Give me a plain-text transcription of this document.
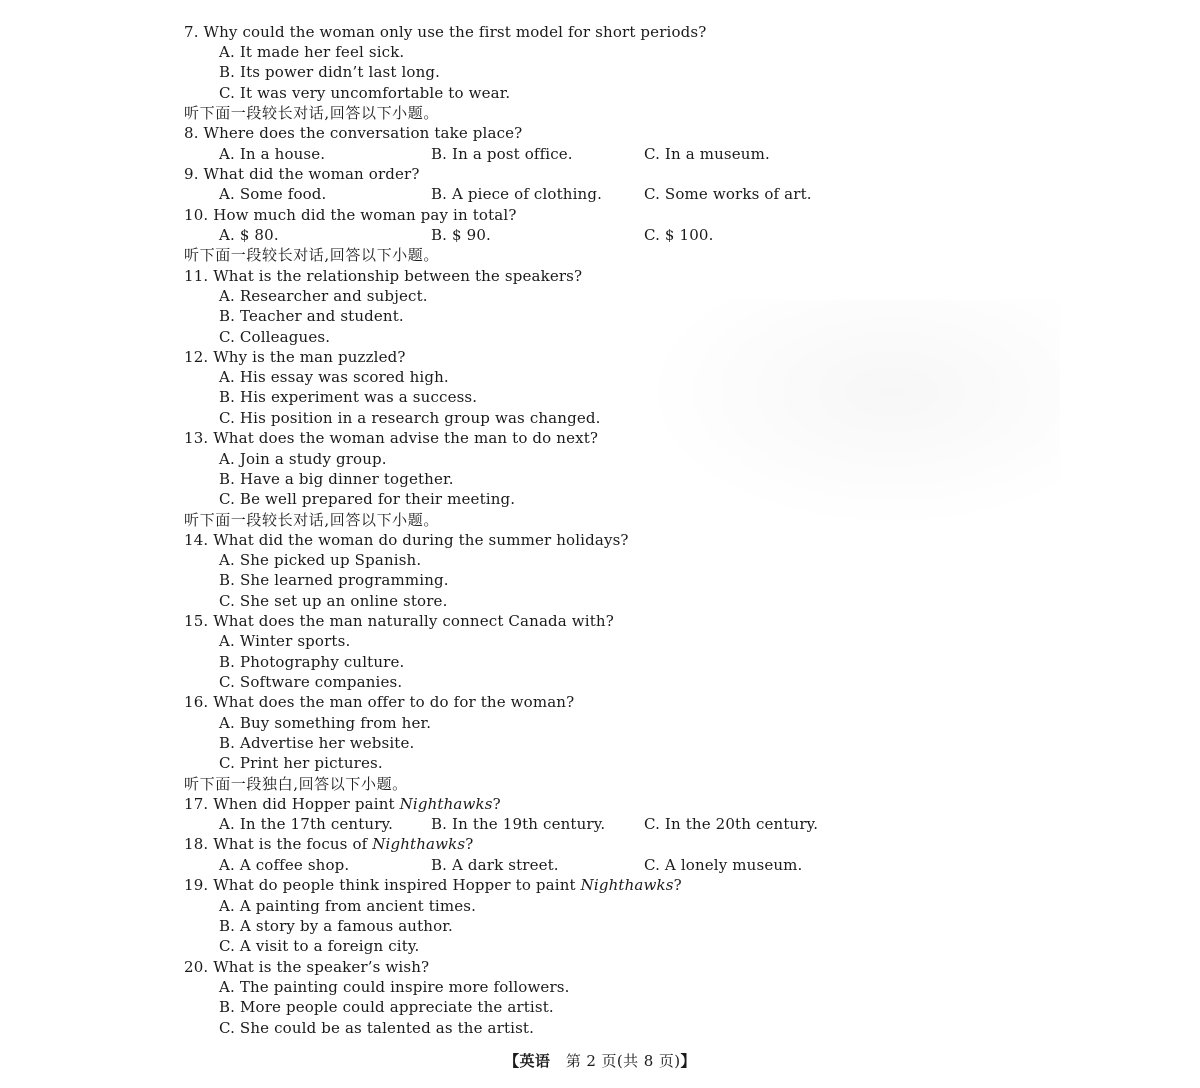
7. Why could the woman only use the first model for short periods?
A. It made her feel sick.
B. Its power didn’t last long.
C. It was very uncomfortable to wear.
听下面一段较长对话,回答以下小题。
8. Where does the conversation take place?
A. In a house.	B. In a post office.	C. In a museum.
9. What did the woman order?
A. Some food.	B. A piece of clothing.	C. Some works of art.
10. How much did the woman pay in total?
A. $ 80.	B. $ 90.	C. $ 100.
听下面一段较长对话,回答以下小题。
11. What is the relationship between the speakers?
A. Researcher and subject.
B. Teacher and student.
C. Colleagues.
12. Why is the man puzzled?
A. His essay was scored high.
B. His experiment was a success.
C. His position in a research group was changed.
13. What does the woman advise the man to do next?
A. Join a study group.
B. Have a big dinner together.
C. Be well prepared for their meeting.
听下面一段较长对话,回答以下小题。
14. What did the woman do during the summer holidays?
A. She picked up Spanish.
B. She learned programming.
C. She set up an online store.
15. What does the man naturally connect Canada with?
A. Winter sports.
B. Photography culture.
C. Software companies.
16. What does the man offer to do for the woman?
A. Buy something from her.
B. Advertise her website.
C. Print her pictures.
听下面一段独白,回答以下小题。
17. When did Hopper paint Nighthawks?
A. In the 17th century.	B. In the 19th century.	C. In the 20th century.
18. What is the focus of Nighthawks?
A. A coffee shop.	B. A dark street.	C. A lonely museum.
19. What do people think inspired Hopper to paint Nighthawks?
A. A painting from ancient times.
B. A story by a famous author.
C. A visit to a foreign city.
20. What is the speaker’s wish?
A. The painting could inspire more followers.
B. More people could appreciate the artist.
C. She could be as talented as the artist.
【英语 第 2 页(共 8 页)】
